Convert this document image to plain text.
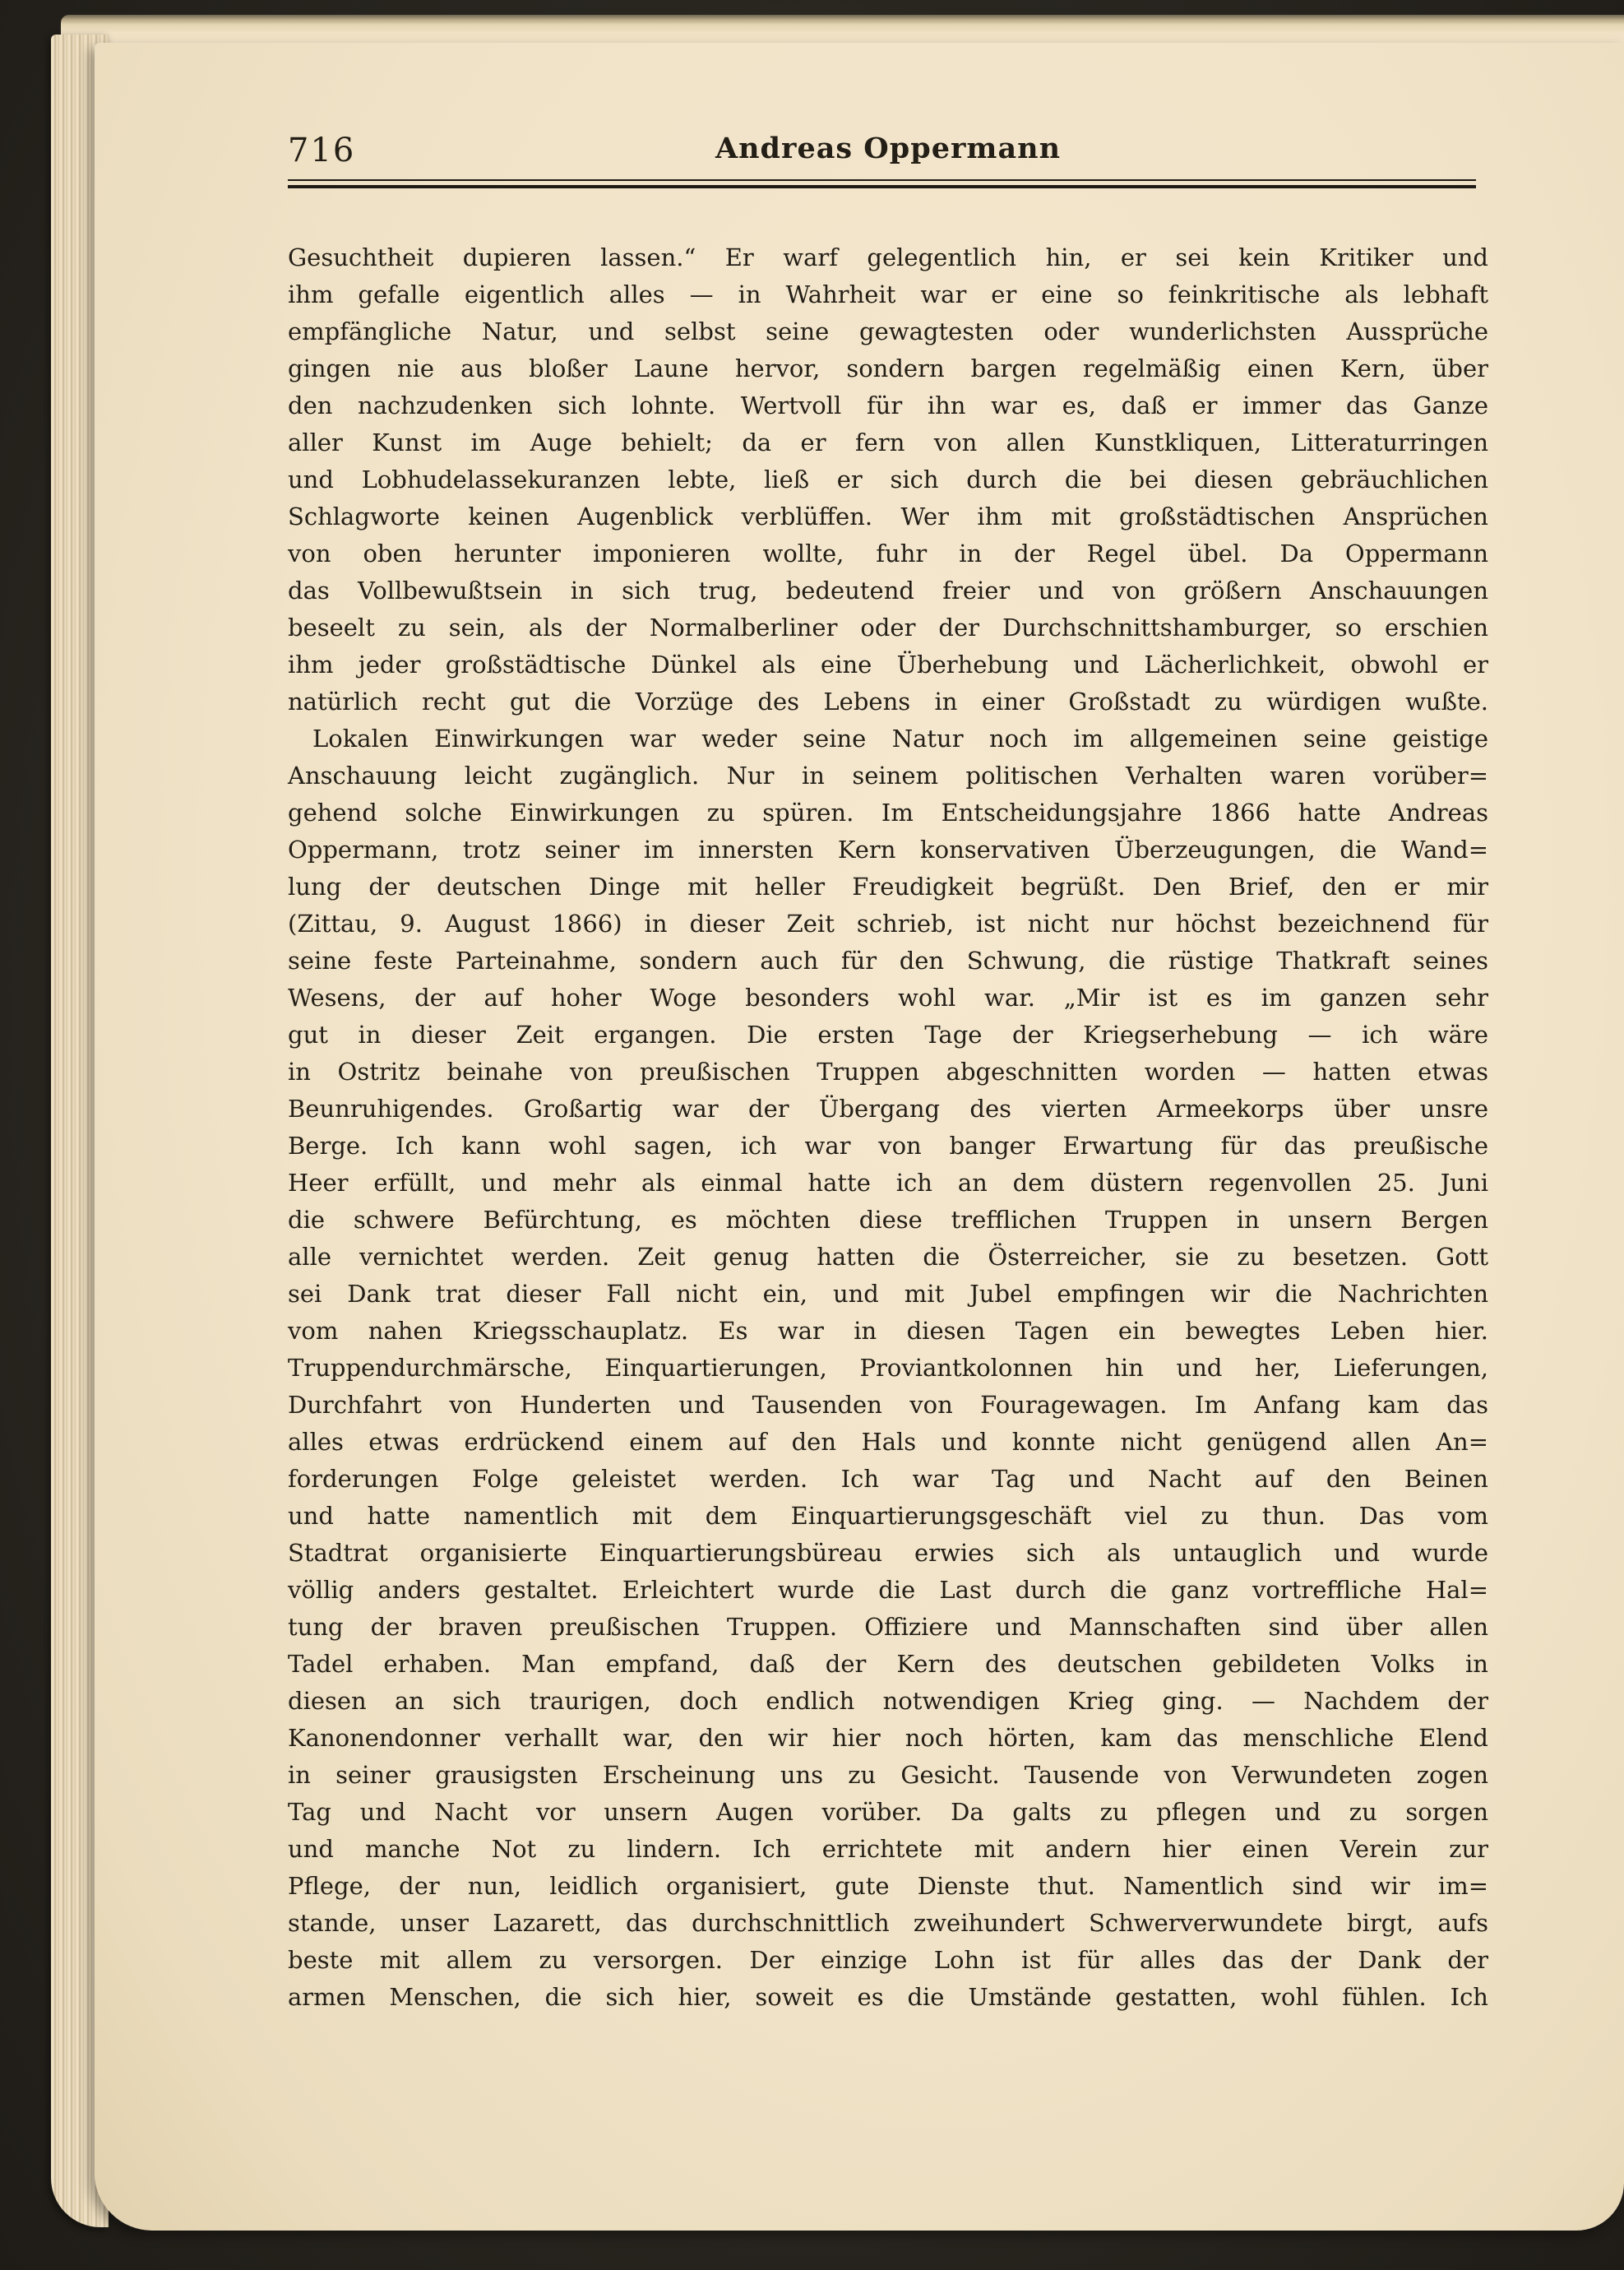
716	Andreas Oppermann
Gesuchtheit dupieren lassen.“ Er warf gelegentlich hin, er sei kein Kritiker und
ihm gefalle eigentlich alles — in Wahrheit war er eine so feinkritische als lebhaft
empfängliche Natur, und selbst seine gewagtesten oder wunderlichsten Aussprüche
gingen nie aus bloßer Laune hervor, sondern bargen regelmäßig einen Kern, über
den nachzudenken sich lohnte. Wertvoll für ihn war es, daß er immer das Ganze
aller Kunst im Auge behielt; da er fern von allen Kunstkliquen, Litteraturringen
und Lobhudelassekuranzen lebte, ließ er sich durch die bei diesen gebräuchlichen
Schlagworte keinen Augenblick verblüffen. Wer ihm mit großstädtischen Ansprüchen
von oben herunter imponieren wollte, fuhr in der Regel übel. Da Oppermann
das Vollbewußtsein in sich trug, bedeutend freier und von größern Anschauungen
beseelt zu sein, als der Normalberliner oder der Durchschnittshamburger, so erschien
ihm jeder großstädtische Dünkel als eine Überhebung und Lächerlichkeit, obwohl er
natürlich recht gut die Vorzüge des Lebens in einer Großstadt zu würdigen wußte.
Lokalen Einwirkungen war weder seine Natur noch im allgemeinen seine geistige
Anschauung leicht zugänglich. Nur in seinem politischen Verhalten waren vorüber=
gehend solche Einwirkungen zu spüren. Im Entscheidungsjahre 1866 hatte Andreas
Oppermann, trotz seiner im innersten Kern konservativen Überzeugungen, die Wand=
lung der deutschen Dinge mit heller Freudigkeit begrüßt. Den Brief, den er mir
(Zittau, 9. August 1866) in dieser Zeit schrieb, ist nicht nur höchst bezeichnend für
seine feste Parteinahme, sondern auch für den Schwung, die rüstige Thatkraft seines
Wesens, der auf hoher Woge besonders wohl war. „Mir ist es im ganzen sehr
gut in dieser Zeit ergangen. Die ersten Tage der Kriegserhebung — ich wäre
in Ostritz beinahe von preußischen Truppen abgeschnitten worden — hatten etwas
Beunruhigendes. Großartig war der Übergang des vierten Armeekorps über unsre
Berge. Ich kann wohl sagen, ich war von banger Erwartung für das preußische
Heer erfüllt, und mehr als einmal hatte ich an dem düstern regenvollen 25. Juni
die schwere Befürchtung, es möchten diese trefflichen Truppen in unsern Bergen
alle vernichtet werden. Zeit genug hatten die Österreicher, sie zu besetzen. Gott
sei Dank trat dieser Fall nicht ein, und mit Jubel empfingen wir die Nachrichten
vom nahen Kriegsschauplatz. Es war in diesen Tagen ein bewegtes Leben hier.
Truppendurchmärsche, Einquartierungen, Proviantkolonnen hin und her, Lieferungen,
Durchfahrt von Hunderten und Tausenden von Fouragewagen. Im Anfang kam das
alles etwas erdrückend einem auf den Hals und konnte nicht genügend allen An=
forderungen Folge geleistet werden. Ich war Tag und Nacht auf den Beinen
und hatte namentlich mit dem Einquartierungsgeschäft viel zu thun. Das vom
Stadtrat organisierte Einquartierungsbüreau erwies sich als untauglich und wurde
völlig anders gestaltet. Erleichtert wurde die Last durch die ganz vortreffliche Hal=
tung der braven preußischen Truppen. Offiziere und Mannschaften sind über allen
Tadel erhaben. Man empfand, daß der Kern des deutschen gebildeten Volks in
diesen an sich traurigen, doch endlich notwendigen Krieg ging. — Nachdem der
Kanonendonner verhallt war, den wir hier noch hörten, kam das menschliche Elend
in seiner grausigsten Erscheinung uns zu Gesicht. Tausende von Verwundeten zogen
Tag und Nacht vor unsern Augen vorüber. Da galts zu pflegen und zu sorgen
und manche Not zu lindern. Ich errichtete mit andern hier einen Verein zur
Pflege, der nun, leidlich organisiert, gute Dienste thut. Namentlich sind wir im=
stande, unser Lazarett, das durchschnittlich zweihundert Schwerverwundete birgt, aufs
beste mit allem zu versorgen. Der einzige Lohn ist für alles das der Dank der
armen Menschen, die sich hier, soweit es die Umstände gestatten, wohl fühlen. Ich
